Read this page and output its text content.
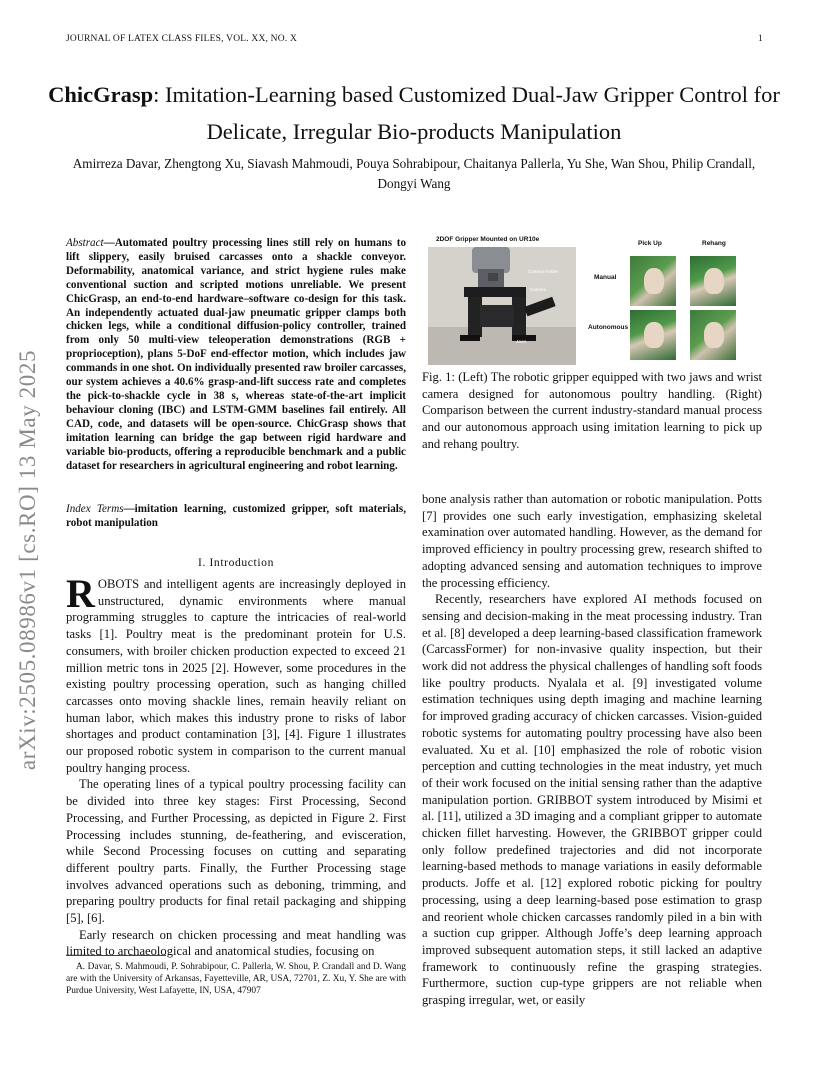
JOURNAL OF LATEX CLASS FILES, VOL. XX, NO. X	1
ChicGrasp: Imitation-Learning based Customized Dual-Jaw Gripper Control for Delicate, Irregular Bio-products Manipulation
Amirreza Davar, Zhengtong Xu, Siavash Mahmoudi, Pouya Sohrabipour, Chaitanya Pallerla, Yu She, Wan Shou, Philip Crandall, Dongyi Wang
arXiv:2505.08986v1 [cs.RO] 13 May 2025
Abstract—Automated poultry processing lines still rely on humans to lift slippery, easily bruised carcasses onto a shackle conveyor. Deformability, anatomical variance, and strict hygiene rules make conventional suction and scripted motions unreliable. We present ChicGrasp, an end-to-end hardware–software co-design for this task. An independently actuated dual-jaw pneumatic gripper clamps both chicken legs, while a conditional diffusion-policy controller, trained from only 50 multi-view teleoperation demonstrations (RGB + proprioception), plans 5-DoF end-effector motion, which includes jaw commands in one shot. On individually presented raw broiler carcasses, our system achieves a 40.6% grasp-and-lift success rate and completes the pick-to-shackle cycle in 38 s, whereas state-of-the-art implicit behaviour cloning (IBC) and LSTM-GMM baselines fail entirely. All CAD, code, and datasets will be open-source. ChicGrasp shows that imitation learning can bridge the gap between rigid hardware and variable bio-products, offering a reproducible benchmark and a public dataset for researchers in agricultural engineering and robot learning.
Index Terms—imitation learning, customized gripper, soft materials, robot manipulation
I. Introduction

ROBOTS and intelligent agents are increasingly deployed in unstructured, dynamic environments where manual programming struggles to capture the intricacies of real-world tasks [1]. Poultry meat is the predominant protein for U.S. consumers, with broiler chicken production expected to exceed 21 million metric tons in 2025 [2]. However, some procedures in the existing poultry processing operation, such as hanging chilled carcasses onto moving shackle lines, remain heavily reliant on human labor, which makes this industry prone to risks of labor shortages and product contamination [3], [4]. Figure 1 illustrates our proposed robotic system in comparison to the current manual poultry hanging process.

The operating lines of a typical poultry processing facility can be divided into three key stages: First Processing, Second Processing, and Further Processing, as depicted in Figure 2. First Processing includes stunning, de-feathering, and evisceration, while Second Processing focuses on cutting and separating different poultry parts. Finally, the Further Processing stage involves advanced operations such as deboning, trimming, and preparing poultry products for final retail packaging and shipping [5], [6].

Early research on chicken processing and meat handling was limited to archaeological and anatomical studies, focusing on

A. Davar, S. Mahmoudi, P. Sohrabipour, C. Pallerla, W. Shou, P. Crandall and D. Wang are with the University of Arkansas, Fayetteville, AR, USA, 72701, Z. Xu, Y. She are with Purdue University, West Lafayette, IN, USA, 47907
2DOF Gripper Mounted on UR10e
Camera Holder
Camera
Jaws
Pick Up	Rehang
Manual
Autonomous
Fig. 1: (Left) The robotic gripper equipped with two jaws and wrist camera designed for autonomous poultry handling. (Right) Comparison between the current industry-standard manual process and our autonomous approach using imitation learning to pick up and rehang poultry.

bone analysis rather than automation or robotic manipulation. Potts [7] provides one such early investigation, emphasizing skeletal examination over automated handling. However, as the demand for improved efficiency in poultry processing grew, research shifted to adopting advanced sensing and automation techniques to improve the processing efficiency.

Recently, researchers have explored AI methods focused on sensing and decision-making in the meat processing industry. Tran et al. [8] developed a deep learning-based classification framework (CarcassFormer) for non-invasive quality inspection, but their work did not address the physical challenges of handling soft foods like poultry products. Nyalala et al. [9] investigated volume estimation techniques using depth imaging and machine learning for improved grading accuracy of chicken carcasses. Vision-guided robotic systems for automating poultry processing have also been evaluated. Xu et al. [10] emphasized the role of robotic vision perception and cutting technologies in the meat industry, yet much of their work focused on the initial sensing rather than the adaptive manipulation portion. GRIBBOT system introduced by Misimi et al. [11], utilized a 3D imaging and a compliant gripper to automate chicken fillet harvesting. However, the GRIBBOT gripper could only follow predefined trajectories and did not incorporate learning-based methods to manage variations in easily deformable products. Joffe et al. [12] explored robotic picking for poultry processing, using a deep learning-based pose estimation to grasp and reorient whole chicken carcasses randomly piled in a bin with a suction cup gripper. Although Joffe’s deep learning approach improved subsequent automation steps, it still lacked an adaptive framework to continuously refine the grasping strategies. Furthermore, suction cup-type grippers are not reliable when grasping irregular, wet, or easily
